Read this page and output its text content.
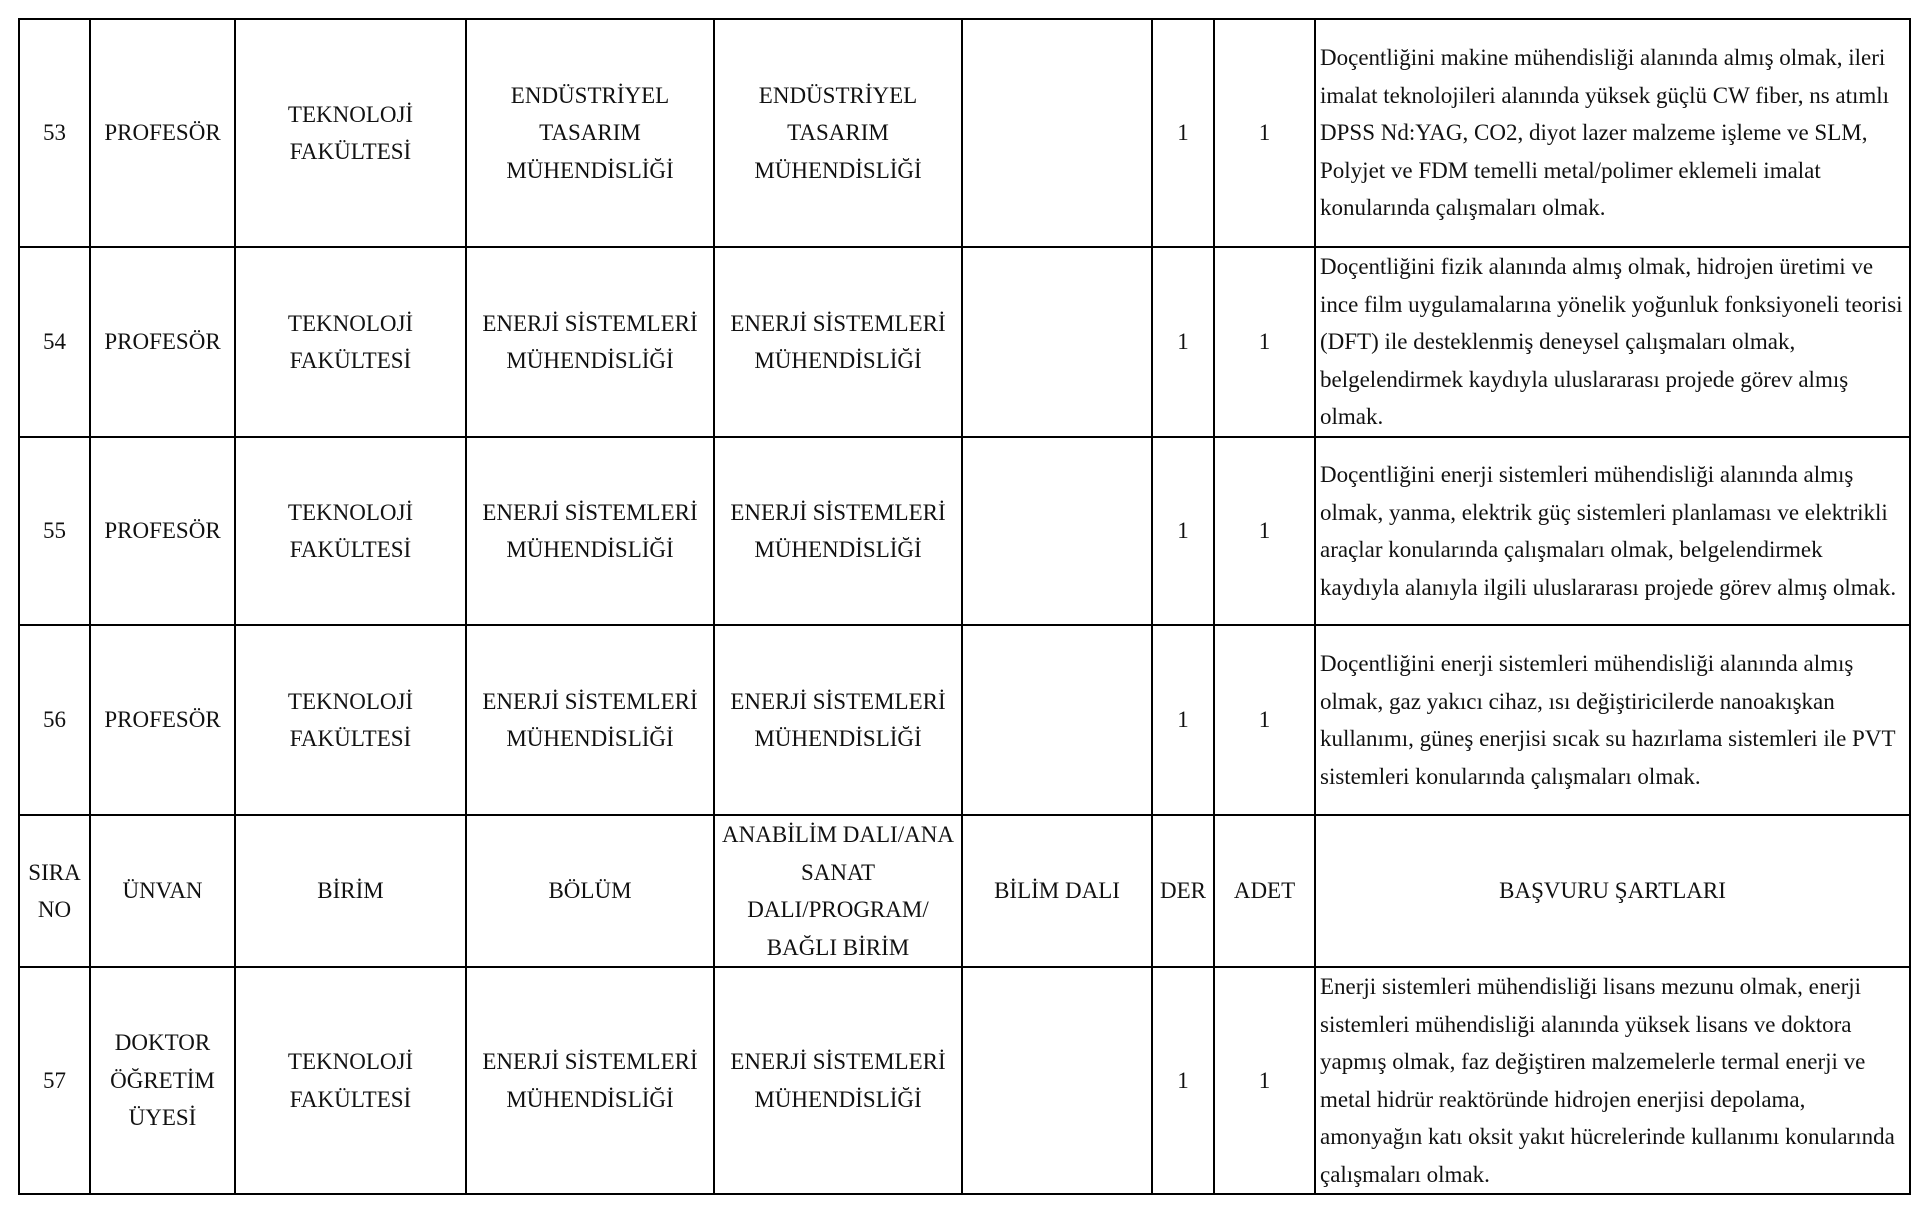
53	PROFESÖR	TEKNOLOJİ FAKÜLTESİ	ENDÜSTRİYEL TASARIM MÜHENDİSLİĞİ	ENDÜSTRİYEL TASARIM MÜHENDİSLİĞİ		1	1	Doçentliğini makine mühendisliği alanında almış olmak, ileri imalat teknolojileri alanında yüksek güçlü CW fiber, ns atımlı DPSS Nd:YAG, CO2, diyot lazer malzeme işleme ve SLM, Polyjet ve FDM temelli metal/polimer eklemeli imalat konularında çalışmaları olmak.
54	PROFESÖR	TEKNOLOJİ FAKÜLTESİ	ENERJİ SİSTEMLERİ MÜHENDİSLİĞİ	ENERJİ SİSTEMLERİ MÜHENDİSLİĞİ		1	1	Doçentliğini fizik alanında almış olmak, hidrojen üretimi ve ince film uygulamalarına yönelik yoğunluk fonksiyoneli teorisi (DFT) ile desteklenmiş deneysel çalışmaları olmak, belgelendirmek kaydıyla uluslararası projede görev almış olmak.
55	PROFESÖR	TEKNOLOJİ FAKÜLTESİ	ENERJİ SİSTEMLERİ MÜHENDİSLİĞİ	ENERJİ SİSTEMLERİ MÜHENDİSLİĞİ		1	1	Doçentliğini enerji sistemleri mühendisliği alanında almış olmak, yanma, elektrik güç sistemleri planlaması ve elektrikli araçlar konularında çalışmaları olmak, belgelendirmek kaydıyla alanıyla ilgili uluslararası projede görev almış olmak.
56	PROFESÖR	TEKNOLOJİ FAKÜLTESİ	ENERJİ SİSTEMLERİ MÜHENDİSLİĞİ	ENERJİ SİSTEMLERİ MÜHENDİSLİĞİ		1	1	Doçentliğini enerji sistemleri mühendisliği alanında almış olmak, gaz yakıcı cihaz, ısı değiştiricilerde nanoakışkan kullanımı, güneş enerjisi sıcak su hazırlama sistemleri ile PVT sistemleri konularında çalışmaları olmak.
SIRA NO	ÜNVAN	BİRİM	BÖLÜM	ANABİLİM DALI/ANA SANAT DALI/PROGRAM/ BAĞLI BİRİM	BİLİM DALI	DER	ADET	BAŞVURU ŞARTLARI
57	DOKTOR ÖĞRETİM ÜYESİ	TEKNOLOJİ FAKÜLTESİ	ENERJİ SİSTEMLERİ MÜHENDİSLİĞİ	ENERJİ SİSTEMLERİ MÜHENDİSLİĞİ		1	1	Enerji sistemleri mühendisliği lisans mezunu olmak, enerji sistemleri mühendisliği alanında yüksek lisans ve doktora yapmış olmak, faz değiştiren malzemelerle termal enerji ve metal hidrür reaktöründe hidrojen enerjisi depolama, amonyağın katı oksit yakıt hücrelerinde kullanımı konularında çalışmaları olmak.
